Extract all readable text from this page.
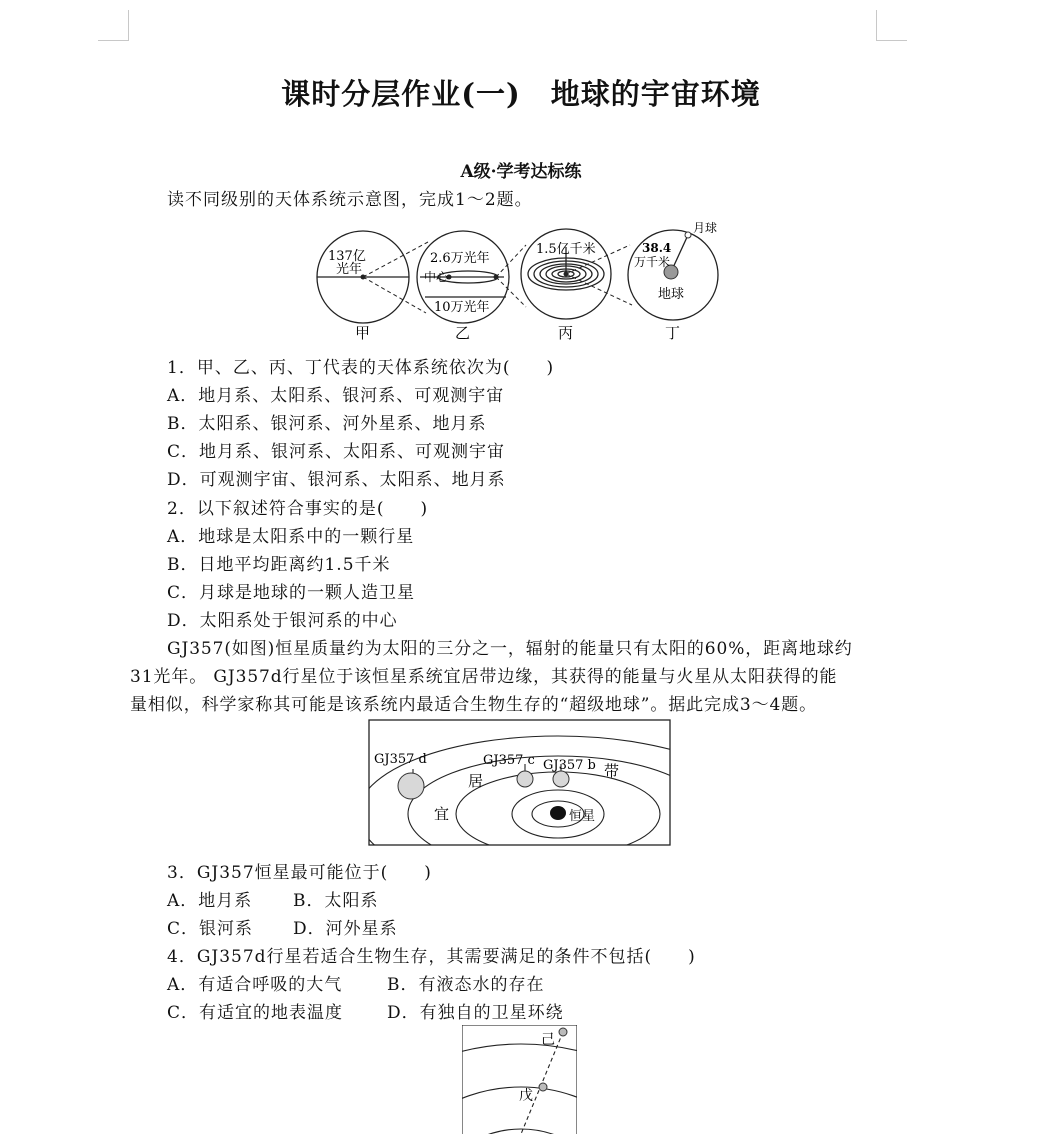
课时分层作业(一) 地球的宇宙环境
A级·学考达标练
读不同级别的天体系统示意图，完成1～2题。
137亿
光年
2.6万光年
中心
10万光年
1.5亿千米	38.4
万千米
月球
地球
甲	乙	丙	丁
1．甲、乙、丙、丁代表的天体系统依次为(　　)
A．地月系、太阳系、银河系、可观测宇宙
B．太阳系、银河系、河外星系、地月系
C．地月系、银河系、太阳系、可观测宇宙
D．可观测宇宙、银河系、太阳系、地月系
2．以下叙述符合事实的是(　　)
A．地球是太阳系中的一颗行星
B．日地平均距离约1.5千米
C．月球是地球的一颗人造卫星
D．太阳系处于银河系的中心
GJ357(如图)恒星质量约为太阳的三分之一，辐射的能量只有太阳的60%，距离地球约
31光年。 GJ357d行星位于该恒星系统宜居带边缘，其获得的能量与火星从太阳获得的能
量相似，科学家称其可能是该系统内最适合生物生存的“超级地球”。据此完成3～4题。
GJ357 d	GJ357 c GJ357 b
居
带
宜	恒星
3．GJ357恒星最可能位于(　　)
A．地月系 B．太阳系
C．银河系 D．河外星系
4．GJ357d行星若适合生物生存，其需要满足的条件不包括(　　)
A．有适合呼吸的大气	B．有液态水的存在
C．有适宜的地表温度	D．有独自的卫星环绕
己
戊
